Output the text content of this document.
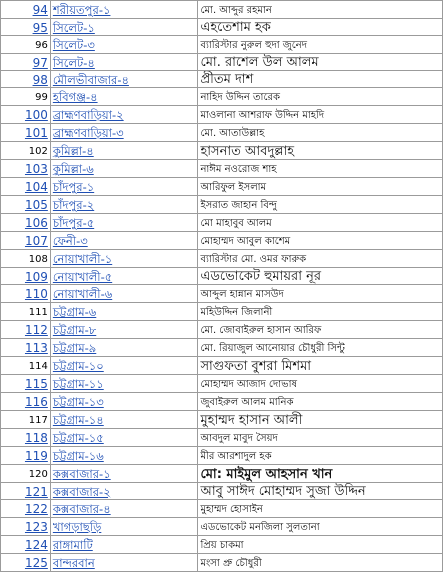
94	শরীয়তপুর-১	মো. আব্দুর রহমান
95	সিলেট-১	এহতেশাম হক
96	সিলেট-৩	ব্যারিস্টার নুরুল হুদা জুনেদ
97	সিলেট-৪	মো. রাশেল উল আলম
98	মৌলভীবাজার-৪	প্রীতম দাশ
99	হবিগঞ্জ-৪	নাহিদ উদ্দিন তারেক
100	ব্রাহ্মণবাড়িয়া-২	মাওলানা আশরাফ উদ্দিন মাহদি
101	ব্রাহ্মণবাড়িয়া-৩	মো. আতাউল্লাহ
102	কুমিল্লা-৪	হাসনাত আবদুল্লাহ
103	কুমিল্লা-৬	নাঈম নওরোজ শাহ
104	চাঁদপুর-১	আরিফুল ইসলাম
105	চাঁদপুর-২	ইসরাত জাহান বিন্দু
106	চাঁদপুর-৫	মো মাহাবুব আলম
107	ফেনী-৩	মোহাম্মদ আবুল কাশেম
108	নোয়াখালী-১	ব্যারিস্টার মো. ওমর ফারুক
109	নোয়াখালী-৫	এডভোকেট হুমায়রা নূর
110	নোয়াখালী-৬	আব্দুল হান্নান মাসউদ
111	চট্টগ্রাম-৬	মহিউদ্দিন জিলানী
112	চট্টগ্রাম-৮	মো. জোবাইরুল হাসান আরিফ
113	চট্টগ্রাম-৯	মো. রিয়াজুল আনোয়ার চৌধুরী সিন্টু
114	চট্টগ্রাম-১০	সাগুফতা বুশরা মিশমা
115	চট্টগ্রাম-১১	মোহাম্মদ আজাদ দোভাষ
116	চট্টগ্রাম-১৩	জুবাইরুল আলম মানিক
117	চট্টগ্রাম-১৪	মুহাম্মদ হাসান আলী
118	চট্টগ্রাম-১৫	আবদুল মাবুদ সৈয়দ
119	চট্টগ্রাম-১৬	মীর আরশাদুল হক
120	কক্সবাজার-১	মো: মাইমুল আহসান খান
121	কক্সবাজার-২	আবু সাঈদ মোহাম্মদ সুজা উদ্দিন
122	কক্সবাজার-৪	মুহাম্মদ হোসাইন
123	খাগড়াছড়ি	এডভোকেট মনজিলা সুলতানা
124	রাঙ্গামাটি	প্রিয় চাকমা
125	বান্দরবান	মংসা প্রু চৌধুরী
